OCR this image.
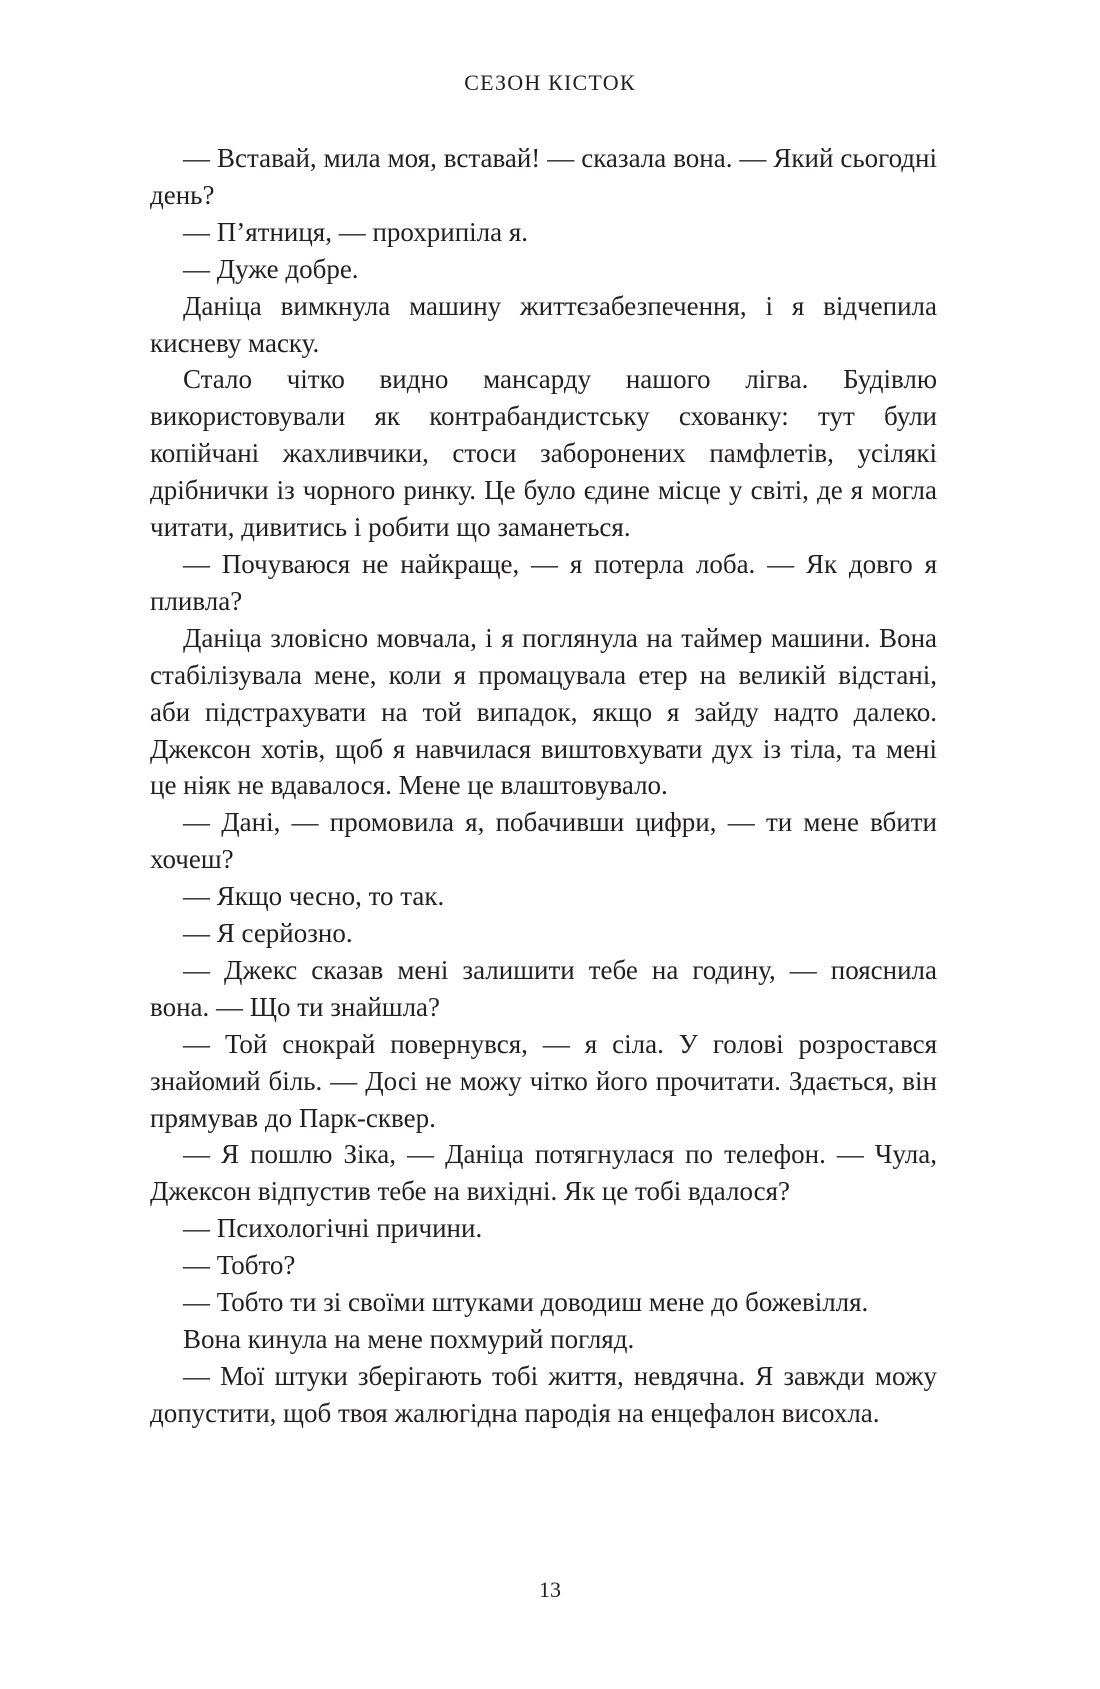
СЕЗОН КІСТОК

— Вставай, мила моя, вставай! — сказала вона. — Який сьогодні день?

— П’ятниця, — прохрипіла я.

— Дуже добре.

Даніца вимкнула машину життєзабезпечення, і я відчепила кисневу маску.

Стало чітко видно мансарду нашого лігва. Будівлю використовували як контрабандистську схованку: тут були копійчані жахливчики, стоси заборонених памфлетів, усілякі дрібнички із чорного ринку. Це було єдине місце у світі, де я могла читати, дивитись і робити що заманеться.

— Почуваюся не найкраще, — я потерла лоба. — Як довго я пливла?

Даніца зловісно мовчала, і я поглянула на таймер машини. Вона стабілізувала мене, коли я промацувала етер на великій відстані, аби підстрахувати на той випадок, якщо я зайду надто далеко. Джексон хотів, щоб я навчилася виштовхувати дух із тіла, та мені це ніяк не вдавалося. Мене це влаштовувало.

— Дані, — промовила я, побачивши цифри, — ти мене вбити хочеш?

— Якщо чесно, то так.

— Я серйозно.

— Джекс сказав мені залишити тебе на годину, — пояснила вона. — Що ти знайшла?

— Той снокрай повернувся, — я сіла. У голові розростався знайомий біль. — Досі не можу чітко його прочитати. Здається, він прямував до Парк-сквер.

— Я пошлю Зіка, — Даніца потягнулася по телефон. — Чула, Джексон відпустив тебе на вихідні. Як це тобі вдалося?

— Психологічні причини.

— Тобто?

— Тобто ти зі своїми штуками доводиш мене до божевілля.

Вона кинула на мене похмурий погляд.

— Мої штуки зберігають тобі життя, невдячна. Я завжди можу допустити, щоб твоя жалюгідна пародія на енцефалон висохла.

13
